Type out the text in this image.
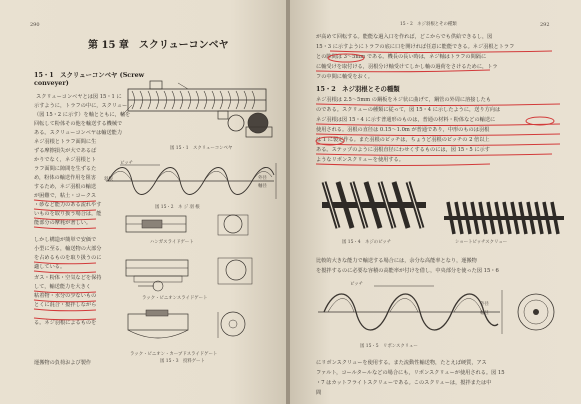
290
第 15 章　スクリューコンベヤ
15・1　スクリューコンベヤ (Screw
conveyer)
スクリューコンベヤとは図 15・1 に
示すように，トラフの中に，スクリュー
（図 15・2 に示す）を軸とともに，軸を
回転して粉体その他を輸送する機械で
ある。スクリューコンベヤは輸送能力
ネジ羽根とトラフ面間に生
ずる摩擦損失が大であるば
かりでなく，ネジ羽根とト
ラフ面間に隙間を生ずるた
め，粉体の輸送作用を阻害
するため，ネジ羽根の輸送
が困難で，粘土・コークス
・砂など能力のある流れやす
いものを取り扱う場合は，能
能部分の摩耗が著しい。
しかし構造が簡単で安価で
小型に至る，輸送物の大部分
を占めるものを取り扱うのに
適している。
ガス・粉体・空気などを保持
して，輸送能力を大きく
粘着物・水分の少ないもの
とくに混合・撹拌しながら
る。ネジ羽根によるものを
運搬物の負荷および製作
図 15・1　スクリューコンベヤ
ピッチ
羽根	外径
軸径
図 15・2　ネ ジ 羽 根
ハンガスライドゲート
ラック・ピニオンスライドゲート
ラック・ピニオン・カーブドスライドゲート
図 15・3　投料ゲート
292
15・2　ネジ羽根とその種類
が高めて回転する。能能な過入口を作れば，どこからでも供給できるし，図
15・3 に示すようにトラフの底に口を開ければ任意に能能できる。ネジ羽根とトラフ
との隙間は 3〜5mm である。機長の長い時は，ネジ軸はトラフの間隔に
に軸受けを取付ける，羽根分け軸受けてしかし軸の過荷をさけるために，トラ
フの中間に軸受をおく。
15・2　ネジ羽根とその種類
ネジ羽根は 2.5〜5mm の鋼板をネジ状に曲げて，鋼管の外周に溶接したも
のである。スクリューの種類に従って，図 15・4 に示したように，送り方向は
ネジ羽根は図 15・4 に示す普通形のものは，普通の材料・粉体などの輸送に
使用される。羽根の直径は 0.15〜1.0m が普通であり，中形のものは羽根
は 1 に製定作る。また羽根のピッチは，ちょうど羽根のピッチの 2 倍以上
ある。ステップのように羽根直径にわせくするものには，図 15・5 に示す
ようなリボンスクリューを使用する。
図 15・4　ネジのピッチ	ショートピッチスクリュー
比較的大きな能力で輸送する場合には，余分な高能率となり，運搬物
を撹拌するのに必要な容積の高能率が付けを借し，中央部分を使った図 15・6
ピッチ
外径
軸径
図 15・5　リボンスクリュー
にリボンスクリューを使用する。また流動性輸送物，たとえば硬質，アス
ファルト，コールタールなどの場合にも，リボンスクリューが使用される。図 15
・7 はカットフライトスクリューである。このスクリューは，撹拌または中
間
